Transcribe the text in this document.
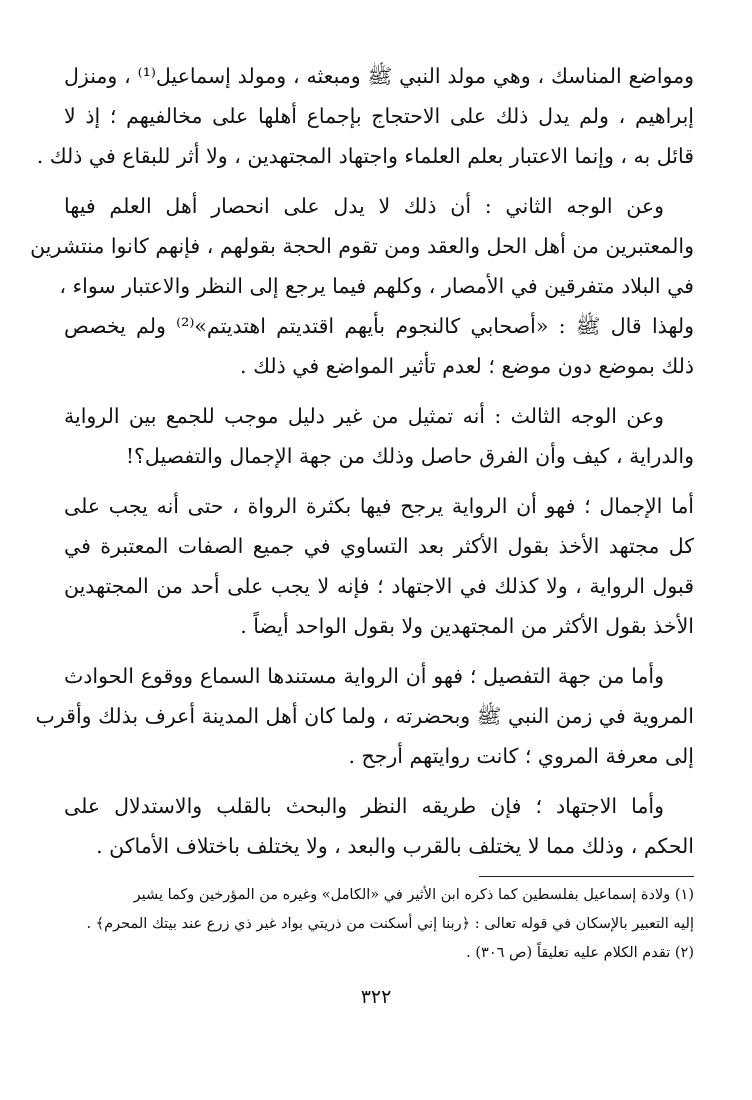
ومواضع المناسك ، وهي مولد النبي ﷺ ومبعثه ، ومولد إسماعيل⁽¹⁾ ، ومنزل
إبراهيم ، ولم يدل ذلك على الاحتجاج بإجماع أهلها على مخالفيهم ؛ إذ لا
قائل به ، وإنما الاعتبار بعلم العلماء واجتهاد المجتهدين ، ولا أثر للبقاع في ذلك .

وعن الوجه الثاني : أن ذلك لا يدل على انحصار أهل العلم فيها
والمعتبرين من أهل الحل والعقد ومن تقوم الحجة بقولهم ، فإنهم كانوا منتشرين
في البلاد متفرقين في الأمصار ، وكلهم فيما يرجع إلى النظر والاعتبار سواء ،
ولهذا قال ﷺ : «أصحابي كالنجوم بأيهم اقتديتم اهتديتم»⁽²⁾ ولم يخصص
ذلك بموضع دون موضع ؛ لعدم تأثير المواضع في ذلك .

وعن الوجه الثالث : أنه تمثيل من غير دليل موجب للجمع بين الرواية
والدراية ، كيف وأن الفرق حاصل وذلك من جهة الإجمال والتفصيل؟!

أما الإجمال ؛ فهو أن الرواية يرجح فيها بكثرة الرواة ، حتى أنه يجب على
كل مجتهد الأخذ بقول الأكثر بعد التساوي في جميع الصفات المعتبرة في
قبول الرواية ، ولا كذلك في الاجتهاد ؛ فإنه لا يجب على أحد من المجتهدين
الأخذ بقول الأكثر من المجتهدين ولا بقول الواحد أيضاً .

وأما من جهة التفصيل ؛ فهو أن الرواية مستندها السماع ووقوع الحوادث
المروية في زمن النبي ﷺ وبحضرته ، ولما كان أهل المدينة أعرف بذلك وأقرب
إلى معرفة المروي ؛ كانت روايتهم أرجح .

وأما الاجتهاد ؛ فإن طريقه النظر والبحث بالقلب والاستدلال على
الحكم ، وذلك مما لا يختلف بالقرب والبعد ، ولا يختلف باختلاف الأماكن .

(١) ولادة إسماعيل بفلسطين كما ذكره ابن الأثير في «الكامل» وغيره من المؤرخين وكما يشير
إليه التعبير بالإسكان في قوله تعالى : ﴿ربنا إني أسكنت من ذريتي بواد غير ذي زرع عند بيتك المحرم﴾ .
(٢) تقدم الكلام عليه تعليقاً (ص ٣٠٦) .
٣٢٢
